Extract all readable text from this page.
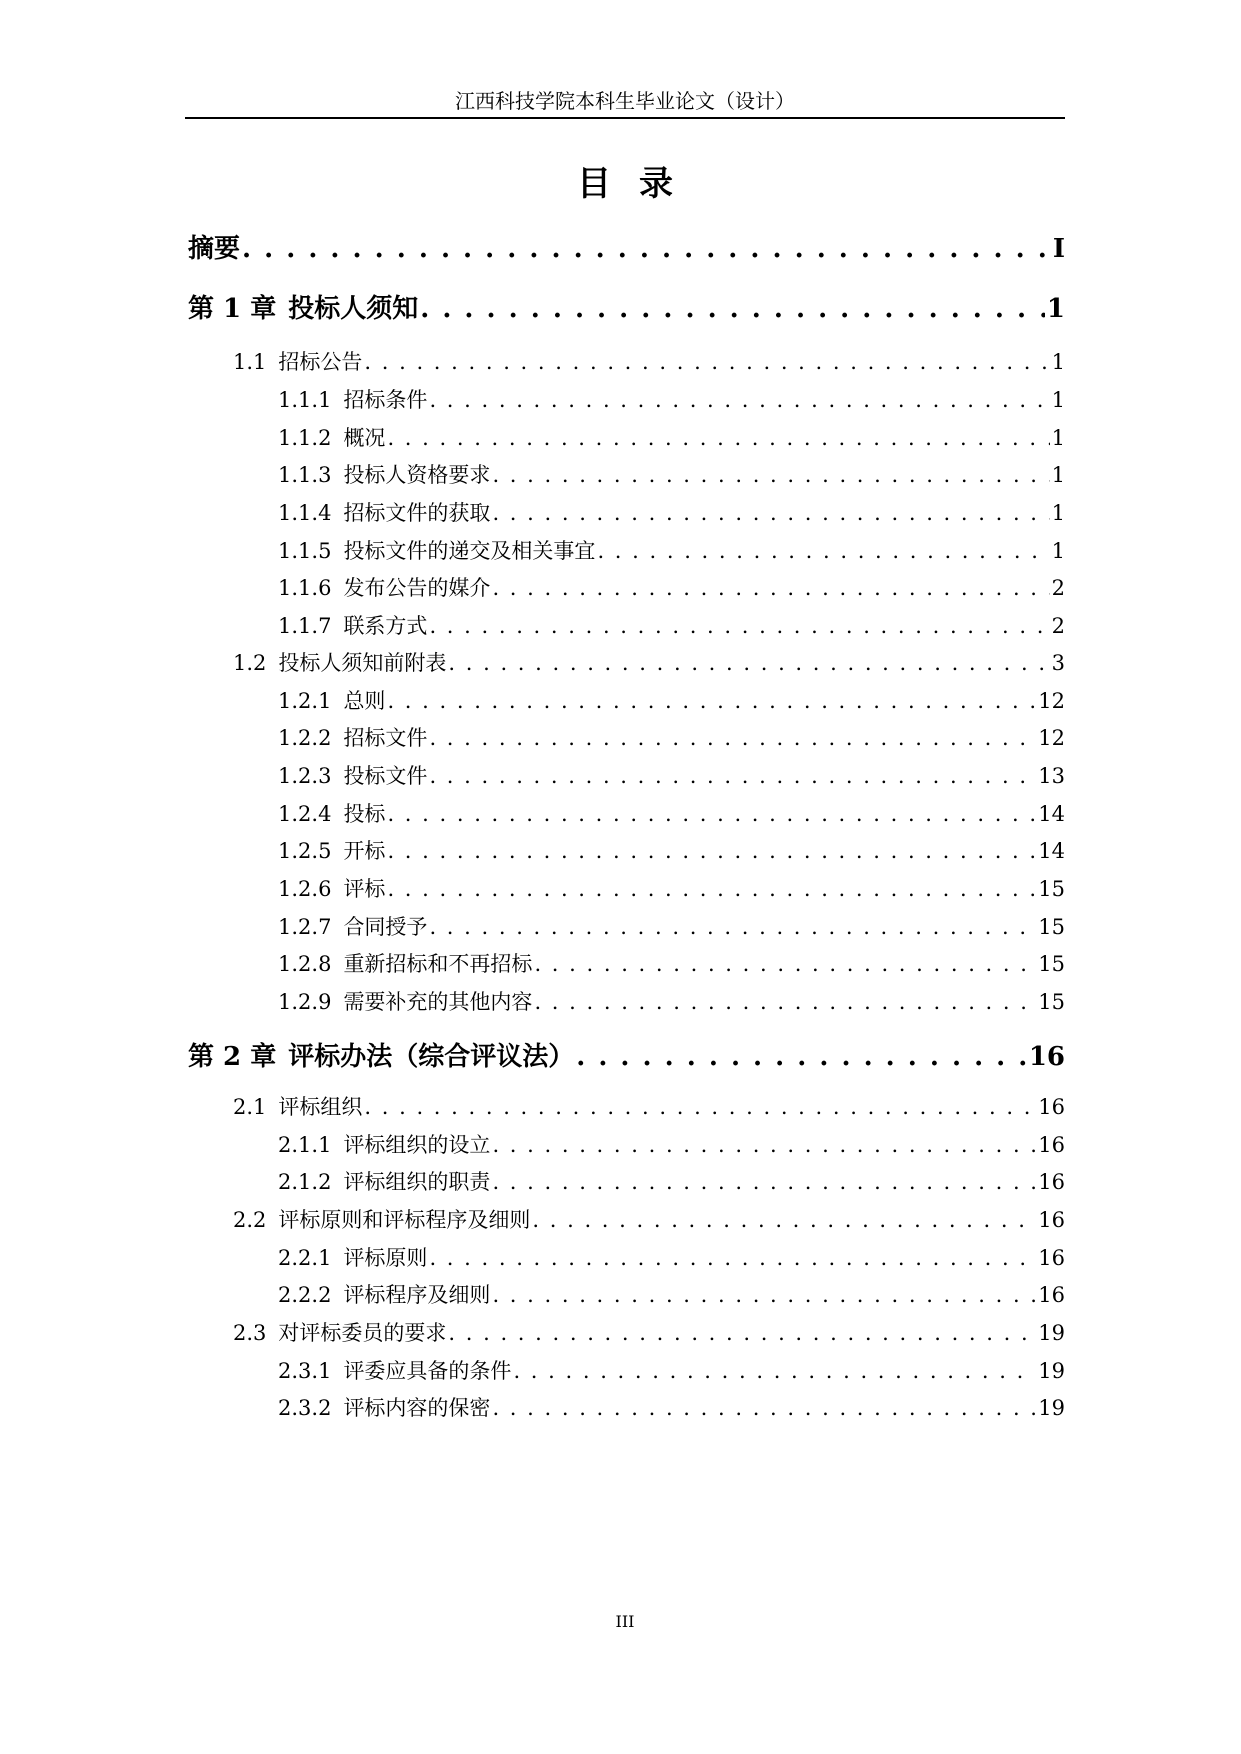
江西科技学院本科生毕业论文（设计）
目录
摘要 . . .	I
第 1 章 投标人须知 . . .	1
1.1 招标公告 . . .	1
1.1.1 招标条件 . . .	1
1.1.2 概况 . . .	1
1.1.3 投标人资格要求 . . .	1
1.1.4 招标文件的获取 . . .	1
1.1.5 投标文件的递交及相关事宜 . . .	1
1.1.6 发布公告的媒介 . . .	2
1.1.7 联系方式 . . .	2
1.2 投标人须知前附表 . . .	3
1.2.1 总则 . . .	12
1.2.2 招标文件 . . .	12
1.2.3 投标文件 . . .	13
1.2.4 投标 . . .	14
1.2.5 开标 . . .	14
1.2.6 评标 . . .	15
1.2.7 合同授予 . . .	15
1.2.8 重新招标和不再招标 . . .	15
1.2.9 需要补充的其他内容 . . .	15
第 2 章 评标办法（综合评议法） . . .	16
2.1 评标组织 . . .	16
2.1.1 评标组织的设立 . . .	16
2.1.2 评标组织的职责 . . .	16
2.2 评标原则和评标程序及细则 . . .	16
2.2.1 评标原则 . . .	16
2.2.2 评标程序及细则 . . .	16
2.3 对评标委员的要求 . . .	19
2.3.1 评委应具备的条件 . . .	19
2.3.2 评标内容的保密 . . .	19
III
